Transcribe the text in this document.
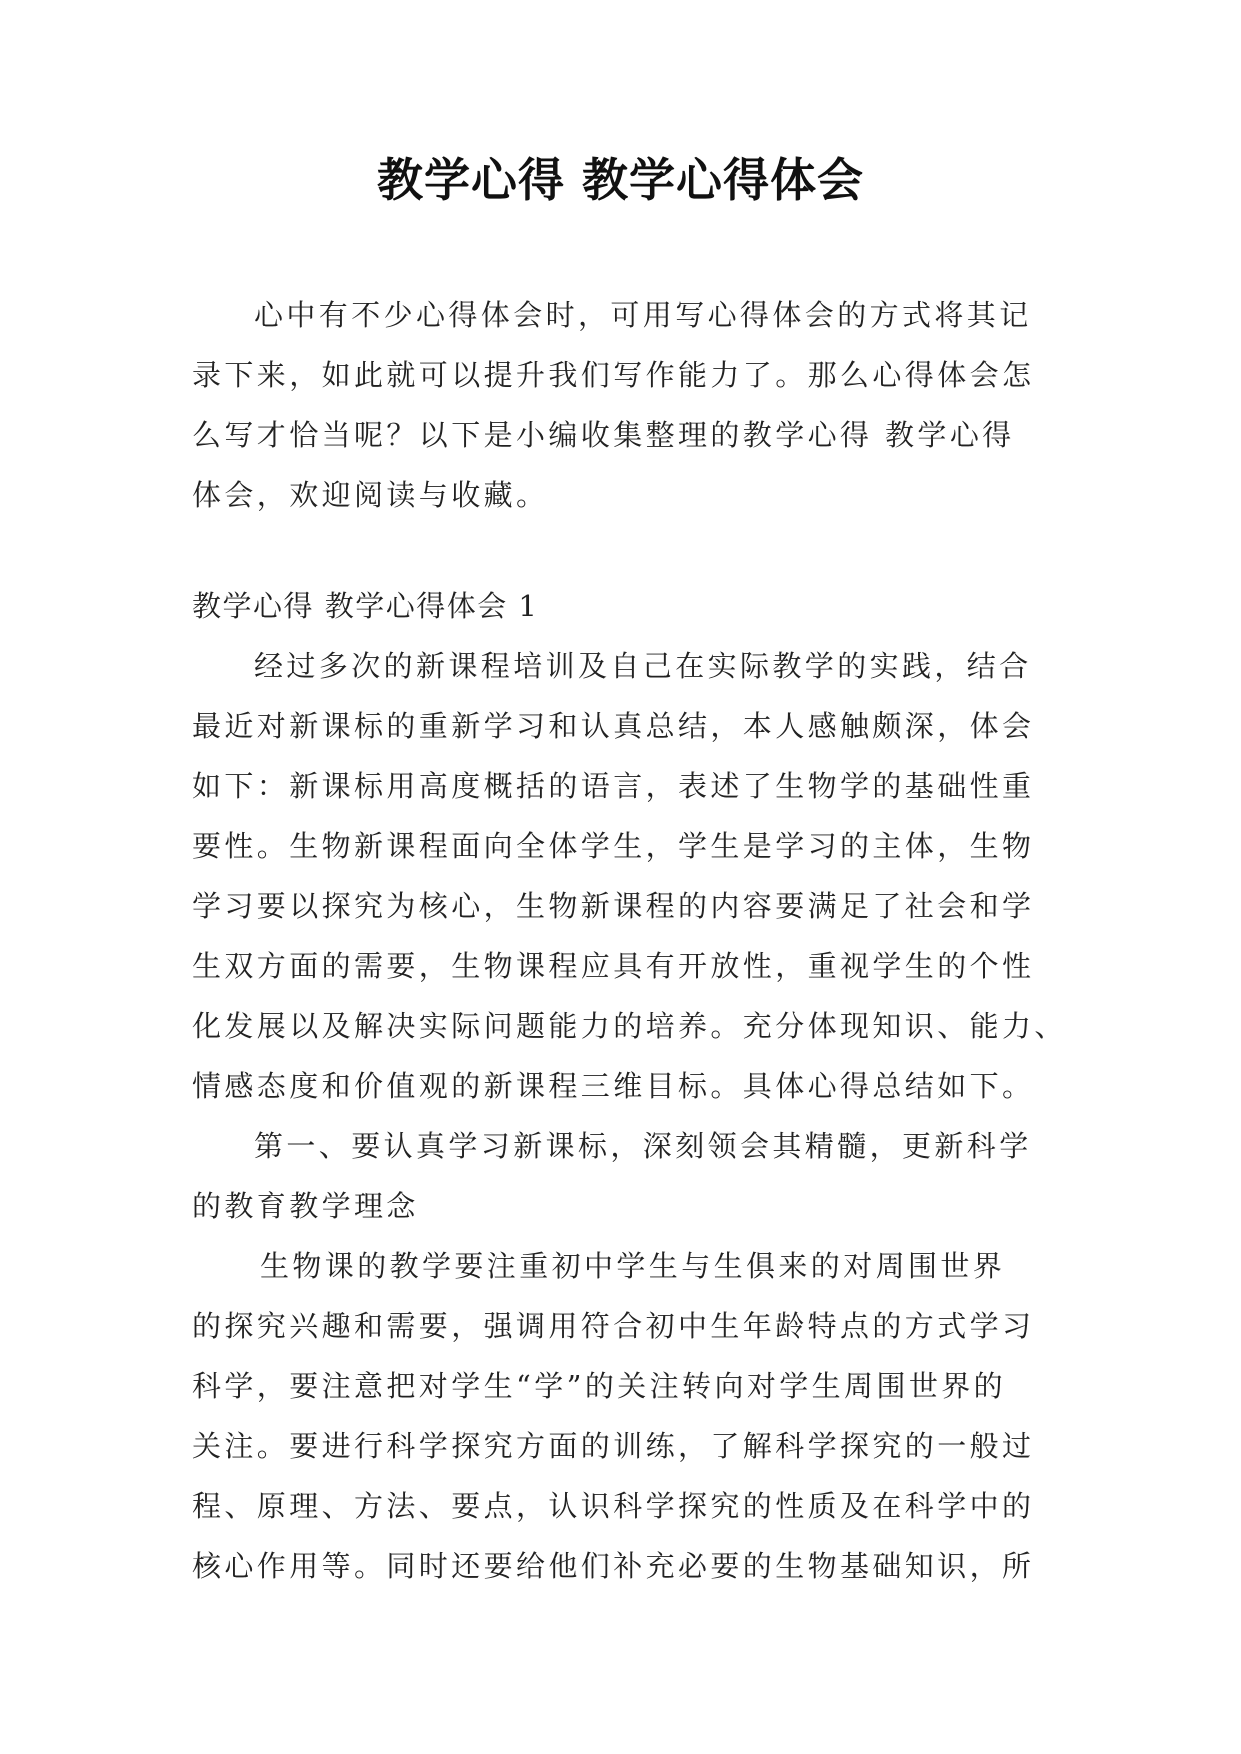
教学心得 教学心得体会
心中有不少心得体会时，可用写心得体会的方式将其记
录下来，如此就可以提升我们写作能力了。那么心得体会怎
么写才恰当呢？以下是小编收集整理的教学心得 教学心得
体会，欢迎阅读与收藏。
教学心得 教学心得体会 1
经过多次的新课程培训及自己在实际教学的实践，结合
最近对新课标的重新学习和认真总结，本人感触颇深，体会
如下：新课标用高度概括的语言，表述了生物学的基础性重
要性。生物新课程面向全体学生，学生是学习的主体，生物
学习要以探究为核心，生物新课程的内容要满足了社会和学
生双方面的需要，生物课程应具有开放性，重视学生的个性
化发展以及解决实际问题能力的培养。充分体现知识、能力、
情感态度和价值观的新课程三维目标。具体心得总结如下。
第一、要认真学习新课标，深刻领会其精髓，更新科学
的教育教学理念
生物课的教学要注重初中学生与生俱来的对周围世界
的探究兴趣和需要，强调用符合初中生年龄特点的方式学习
科学，要注意把对学生“学”的关注转向对学生周围世界的
关注。要进行科学探究方面的训练，了解科学探究的一般过
程、原理、方法、要点，认识科学探究的性质及在科学中的
核心作用等。同时还要给他们补充必要的生物基础知识，所
